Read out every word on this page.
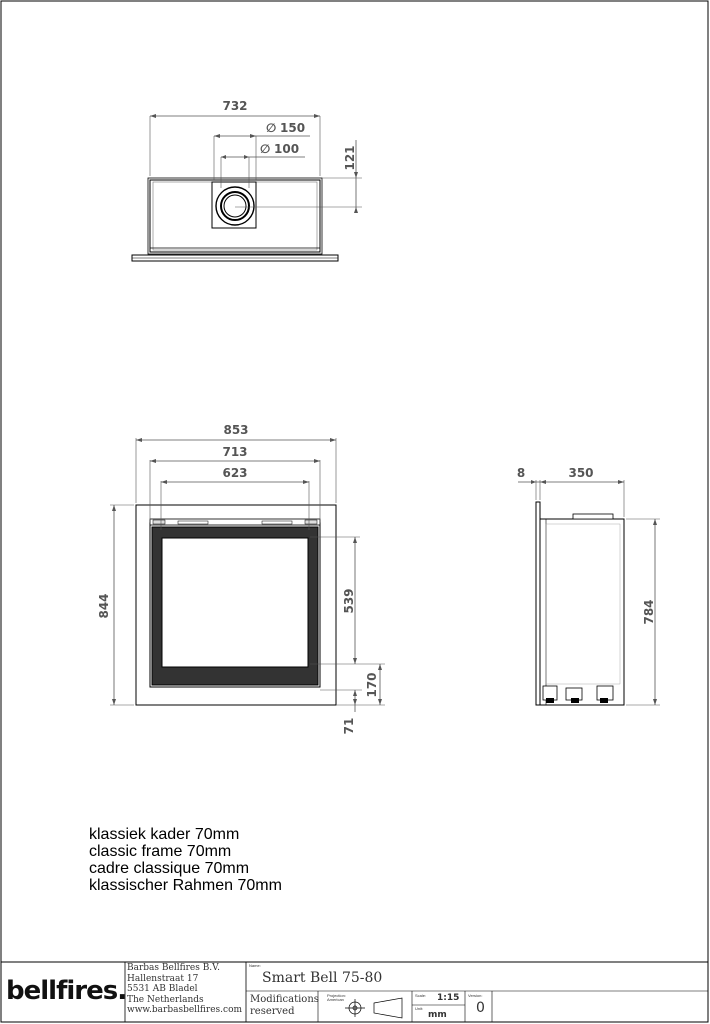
732
∅ 150
∅ 100	121
853
713
623
844	539
170
71
8	350
784
klassiek kader 70mm
classic frame 70mm
cadre classique 70mm
klassischer Rahmen 70mm
bellfires.
Barbas Bellfires B.V.
Hallenstraat 17
5531 AB Bladel
The Netherlands
www.barbasbellfires.com
Name:
Smart Bell 75-80
Modifications
reserved
Projection:
American
Scale: 1:15
Unit:
mm
Version:
0
